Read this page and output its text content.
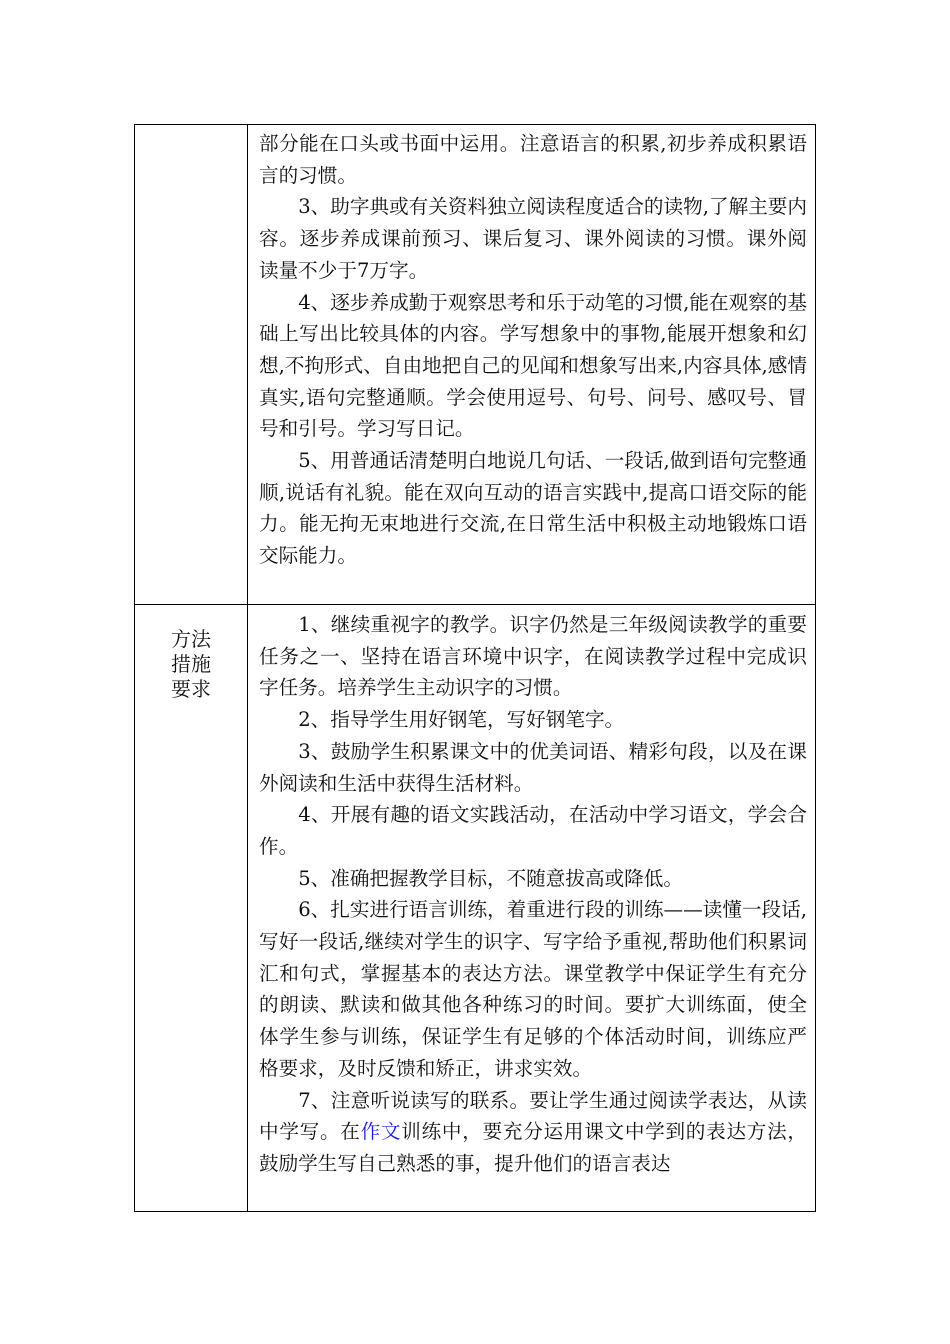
部分能在口头或书面中运用。注意语言的积累,初步养成积累语言的习惯。

3、助字典或有关资料独立阅读程度适合的读物,了解主要内容。逐步养成课前预习、课后复习、课外阅读的习惯。课外阅读量不少于7万字。

4、逐步养成勤于观察思考和乐于动笔的习惯,能在观察的基础上写出比较具体的内容。学写想象中的事物,能展开想象和幻想,不拘形式、自由地把自己的见闻和想象写出来,内容具体,感情真实,语句完整通顺。学会使用逗号、句号、问号、感叹号、冒号和引号。学习写日记。

5、用普通话清楚明白地说几句话、一段话,做到语句完整通顺,说话有礼貌。能在双向互动的语言实践中,提高口语交际的能力。能无拘无束地进行交流,在日常生活中积极主动地锻炼口语交际能力。

方法
措施
要求

1、继续重视字的教学。识字仍然是三年级阅读教学的重要任务之一、坚持在语言环境中识字，在阅读教学过程中完成识字任务。培养学生主动识字的习惯。

2、指导学生用好钢笔，写好钢笔字。

3、鼓励学生积累课文中的优美词语、精彩句段，以及在课外阅读和生活中获得生活材料。

4、开展有趣的语文实践活动，在活动中学习语文，学会合作。

5、准确把握教学目标，不随意拔高或降低。

6、扎实进行语言训练，着重进行段的训练——读懂一段话,写好一段话,继续对学生的识字、写字给予重视,帮助他们积累词汇和句式，掌握基本的表达方法。课堂教学中保证学生有充分的朗读、默读和做其他各种练习的时间。要扩大训练面，使全体学生参与训练，保证学生有足够的个体活动时间，训练应严格要求，及时反馈和矫正，讲求实效。

7、注意听说读写的联系。要让学生通过阅读学表达，从读中学写。在作文训练中，要充分运用课文中学到的表达方法，鼓励学生写自己熟悉的事，提升他们的语言表达
